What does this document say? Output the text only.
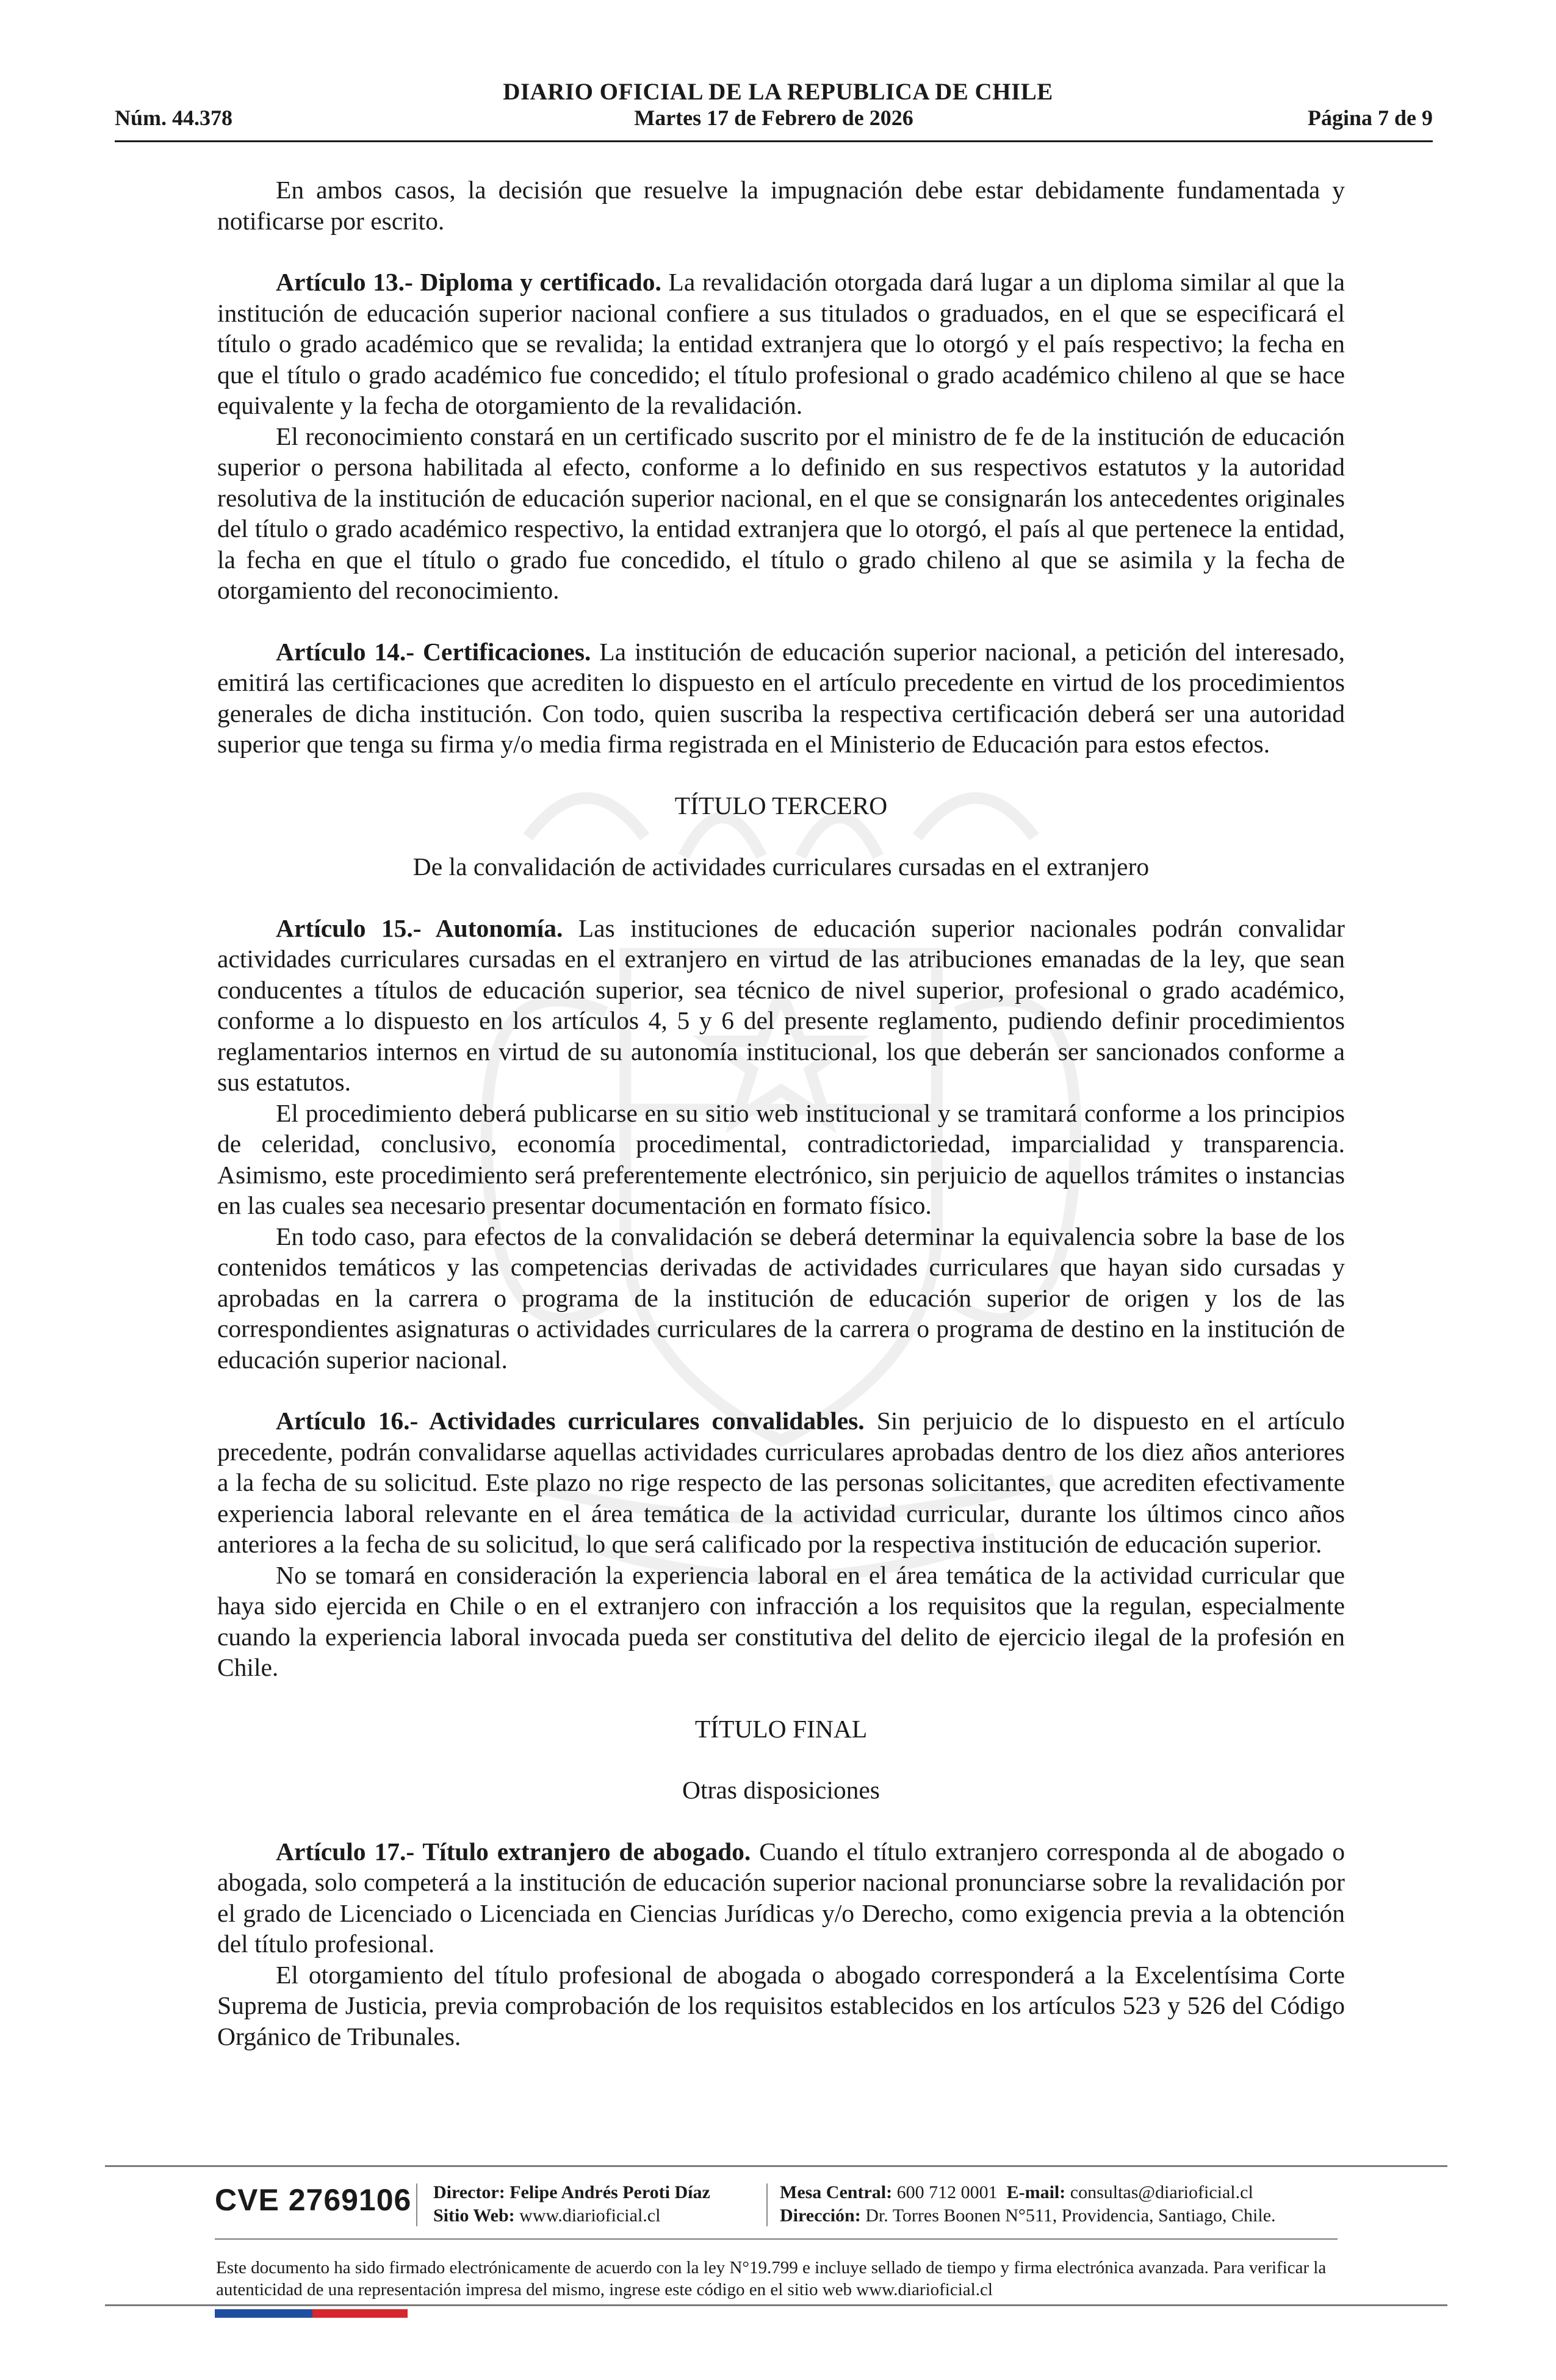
DIARIO OFICIAL DE LA REPUBLICA DE CHILE
Núm. 44.378	Martes 17 de Febrero de 2026	Página 7 de 9

En ambos casos, la decisión que resuelve la impugnación debe estar debidamente fundamentada y notificarse por escrito.

Artículo 13.- Diploma y certificado. La revalidación otorgada dará lugar a un diploma similar al que la institución de educación superior nacional confiere a sus titulados o graduados, en el que se especificará el título o grado académico que se revalida; la entidad extranjera que lo otorgó y el país respectivo; la fecha en que el título o grado académico fue concedido; el título profesional o grado académico chileno al que se hace equivalente y la fecha de otorgamiento de la revalidación.

El reconocimiento constará en un certificado suscrito por el ministro de fe de la institución de educación superior o persona habilitada al efecto, conforme a lo definido en sus respectivos estatutos y la autoridad resolutiva de la institución de educación superior nacional, en el que se consignarán los antecedentes originales del título o grado académico respectivo, la entidad extranjera que lo otorgó, el país al que pertenece la entidad, la fecha en que el título o grado fue concedido, el título o grado chileno al que se asimila y la fecha de otorgamiento del reconocimiento.

Artículo 14.- Certificaciones. La institución de educación superior nacional, a petición del interesado, emitirá las certificaciones que acrediten lo dispuesto en el artículo precedente en virtud de los procedimientos generales de dicha institución. Con todo, quien suscriba la respectiva certificación deberá ser una autoridad superior que tenga su firma y/o media firma registrada en el Ministerio de Educación para estos efectos.

TÍTULO TERCERO

De la convalidación de actividades curriculares cursadas en el extranjero

Artículo 15.- Autonomía. Las instituciones de educación superior nacionales podrán convalidar actividades curriculares cursadas en el extranjero en virtud de las atribuciones emanadas de la ley, que sean conducentes a títulos de educación superior, sea técnico de nivel superior, profesional o grado académico, conforme a lo dispuesto en los artículos 4, 5 y 6 del presente reglamento, pudiendo definir procedimientos reglamentarios internos en virtud de su autonomía institucional, los que deberán ser sancionados conforme a sus estatutos.

El procedimiento deberá publicarse en su sitio web institucional y se tramitará conforme a los principios de celeridad, conclusivo, economía procedimental, contradictoriedad, imparcialidad y transparencia. Asimismo, este procedimiento será preferentemente electrónico, sin perjuicio de aquellos trámites o instancias en las cuales sea necesario presentar documentación en formato físico.

En todo caso, para efectos de la convalidación se deberá determinar la equivalencia sobre la base de los contenidos temáticos y las competencias derivadas de actividades curriculares que hayan sido cursadas y aprobadas en la carrera o programa de la institución de educación superior de origen y los de las correspondientes asignaturas o actividades curriculares de la carrera o programa de destino en la institución de educación superior nacional.

Artículo 16.- Actividades curriculares convalidables. Sin perjuicio de lo dispuesto en el artículo precedente, podrán convalidarse aquellas actividades curriculares aprobadas dentro de los diez años anteriores a la fecha de su solicitud. Este plazo no rige respecto de las personas solicitantes, que acrediten efectivamente experiencia laboral relevante en el área temática de la actividad curricular, durante los últimos cinco años anteriores a la fecha de su solicitud, lo que será calificado por la respectiva institución de educación superior.

No se tomará en consideración la experiencia laboral en el área temática de la actividad curricular que haya sido ejercida en Chile o en el extranjero con infracción a los requisitos que la regulan, especialmente cuando la experiencia laboral invocada pueda ser constitutiva del delito de ejercicio ilegal de la profesión en Chile.

TÍTULO FINAL

Otras disposiciones

Artículo 17.- Título extranjero de abogado. Cuando el título extranjero corresponda al de abogado o abogada, solo competerá a la institución de educación superior nacional pronunciarse sobre la revalidación por el grado de Licenciado o Licenciada en Ciencias Jurídicas y/o Derecho, como exigencia previa a la obtención del título profesional.

El otorgamiento del título profesional de abogada o abogado corresponderá a la Excelentísima Corte Suprema de Justicia, previa comprobación de los requisitos establecidos en los artículos 523 y 526 del Código Orgánico de Tribunales.

CVE 2769106 Director: Felipe Andrés Peroti Díaz
Sitio Web: www.diarioficial.cl
Mesa Central: 600 712 0001 E-mail: consultas@diarioficial.cl
Dirección: Dr. Torres Boonen N°511, Providencia, Santiago, Chile.
Este documento ha sido firmado electrónicamente de acuerdo con la ley N°19.799 e incluye sellado de tiempo y firma electrónica avanzada. Para verificar la autenticidad de una representación impresa del mismo, ingrese este código en el sitio web www.diarioficial.cl
